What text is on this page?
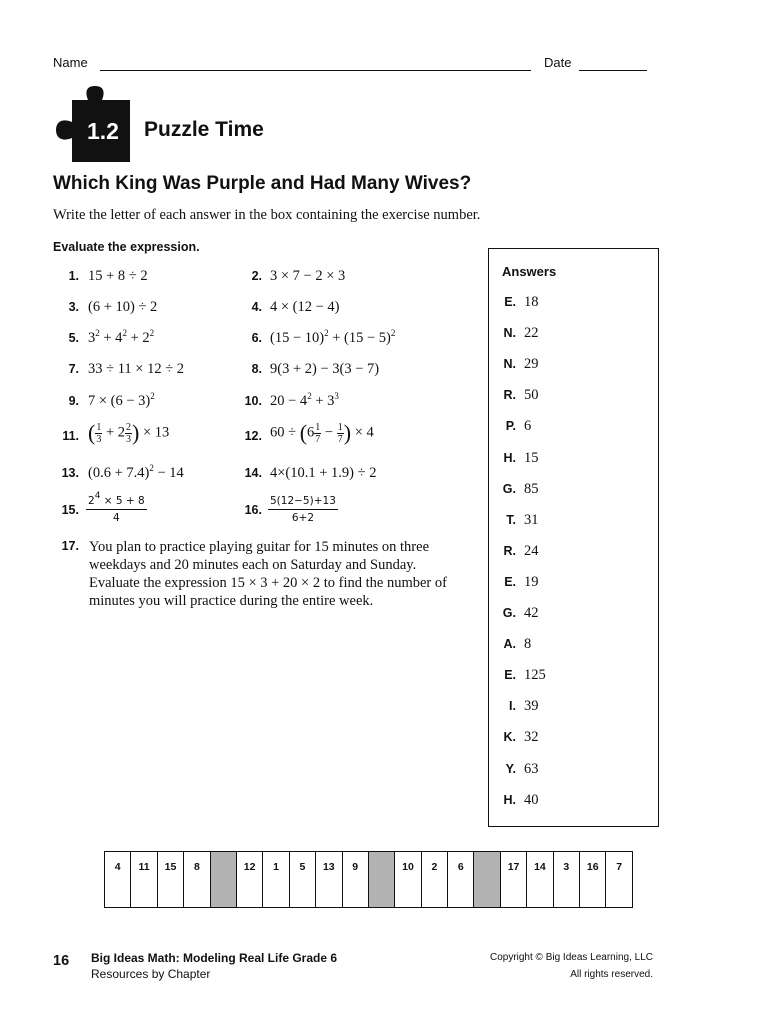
Name	Date
1.2	Puzzle Time
Which King Was Purple and Had Many Wives?
Write the letter of each answer in the box containing the exercise number.
Evaluate the expression.
1. 15 + 8 ÷ 2
3. (6 + 10) ÷ 2
5. $3^2 + 4^2 + 2^2$
7. 33 ÷ 11 × 12 ÷ 2
9. $7 \times (6 - 3)^2$
11. ( $\frac{1}{3} + 2 \frac{2}{3}$ ) × 13
13. $(0.6 + 7.4)^2 - 14$
15. $\frac{2^4 \times 5 + 8}{4}$
2. 3 × 7 − 2 × 3
4. 4 × (12 − 4)
6. $(15 - 10)^2 + (15 - 5)^2$
8. 9(3 + 2) − 3(3 − 7)
10. $20 - 4^2 + 3^3$
12. $60 \div (6 \frac{1}{7} - \frac{1}{7}$ ) × 4
14. 4×(10.1 + 1.9) ÷ 2
16. $\frac{5(12-5)+13}{6+2}$
17. You plan to practice playing guitar for 15 minutes on three weekdays and 20 minutes each on Saturday and Sunday. Evaluate the expression 15 × 3 + 20 × 2 to find the number of minutes you will practice during the entire week.
Answers
E. 18
N. 22
N. 29
R. 50
P. 6
H. 15
G. 85
T. 31
R. 24
E. 19
G. 42
A. 8
E. 125
I. 39
K. 32
Y. 63
H. 40
4	11	15	8		12	1	5	13	9		10	2	6		17	14	3	16	7
16 Big Ideas Math: Modeling Real Life Grade 6
Resources by Chapter
Copyright © Big Ideas Learning, LLC
All rights reserved.
